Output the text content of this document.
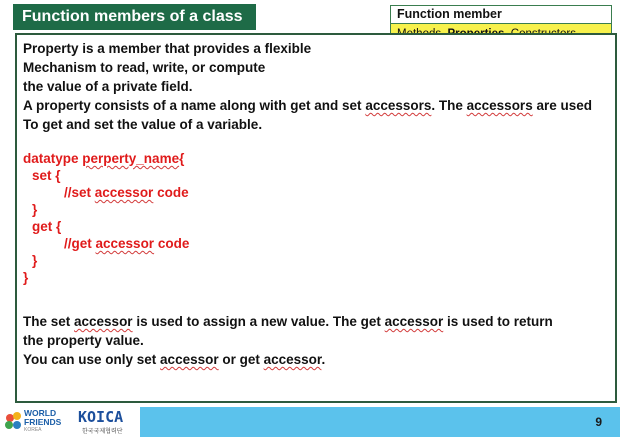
Function members of a class	Function member
Property is a member that provides a flexible
Mechanism to read, write, or compute
the value of a private field.
A property consists of a name along with get and set accessors. The accessors are used
To get and set the value of a variable.
datatype perperty_name{
set {
//set accessor code
}
get {
//get accessor code
}
}
The set accessor is used to assign a new value. The get accessor is used to return
the property value.
You can use only set accessor or get accessor.
WORLD
FRIENDS
KOREA
KOICA
한국국제협력단
9
